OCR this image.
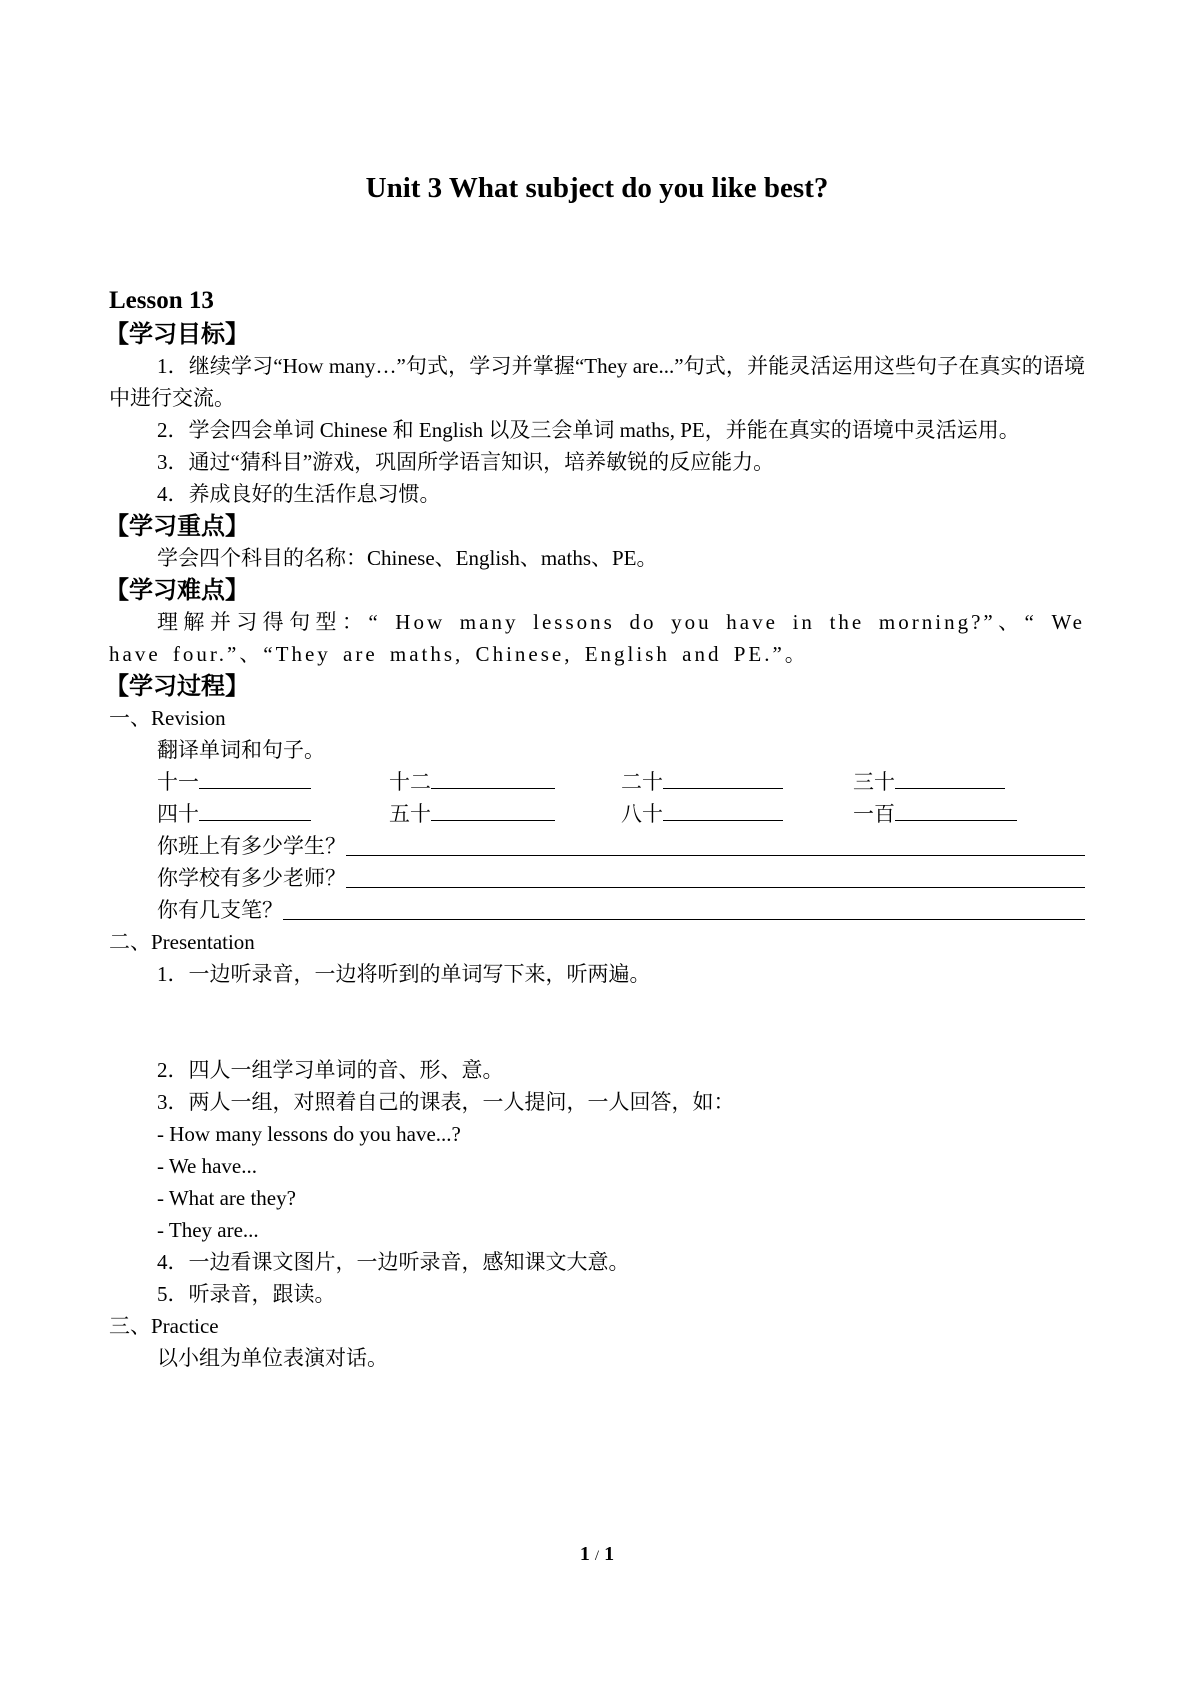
Unit 3 What subject do you like best?
Lesson 13
【学习目标】

1．继续学习“How many…”句式，学习并掌握“They are...”句式，并能灵活运用这些句子在真实的语境中进行交流。

2．学会四会单词 Chinese 和 English 以及三会单词 maths, PE，并能在真实的语境中灵活运用。

3．通过“猜科目”游戏，巩固所学语言知识，培养敏锐的反应能力。

4．养成良好的生活作息习惯。

【学习重点】

学会四个科目的名称：Chinese、English、maths、PE。

【学习难点】

理解并习得句型：“ How many lessons do you have in the morning?”、“ We have four.”、“They are maths, Chinese, English and PE.”。

【学习过程】

一、Revision

翻译单词和句子。

十一	十二	二十	三十
四十	五十	八十	一百
你班上有多少学生？
你学校有多少老师？
你有几支笔？

二、Presentation

1．一边听录音，一边将听到的单词写下来，听两遍。

2．四人一组学习单词的音、形、意。

3．两人一组，对照着自己的课表，一人提问，一人回答，如：

- How many lessons do you have...?

- We have...

- What are they?

- They are...

4．一边看课文图片，一边听录音，感知课文大意。

5．听录音，跟读。

三、Practice

以小组为单位表演对话。

1 / 1
